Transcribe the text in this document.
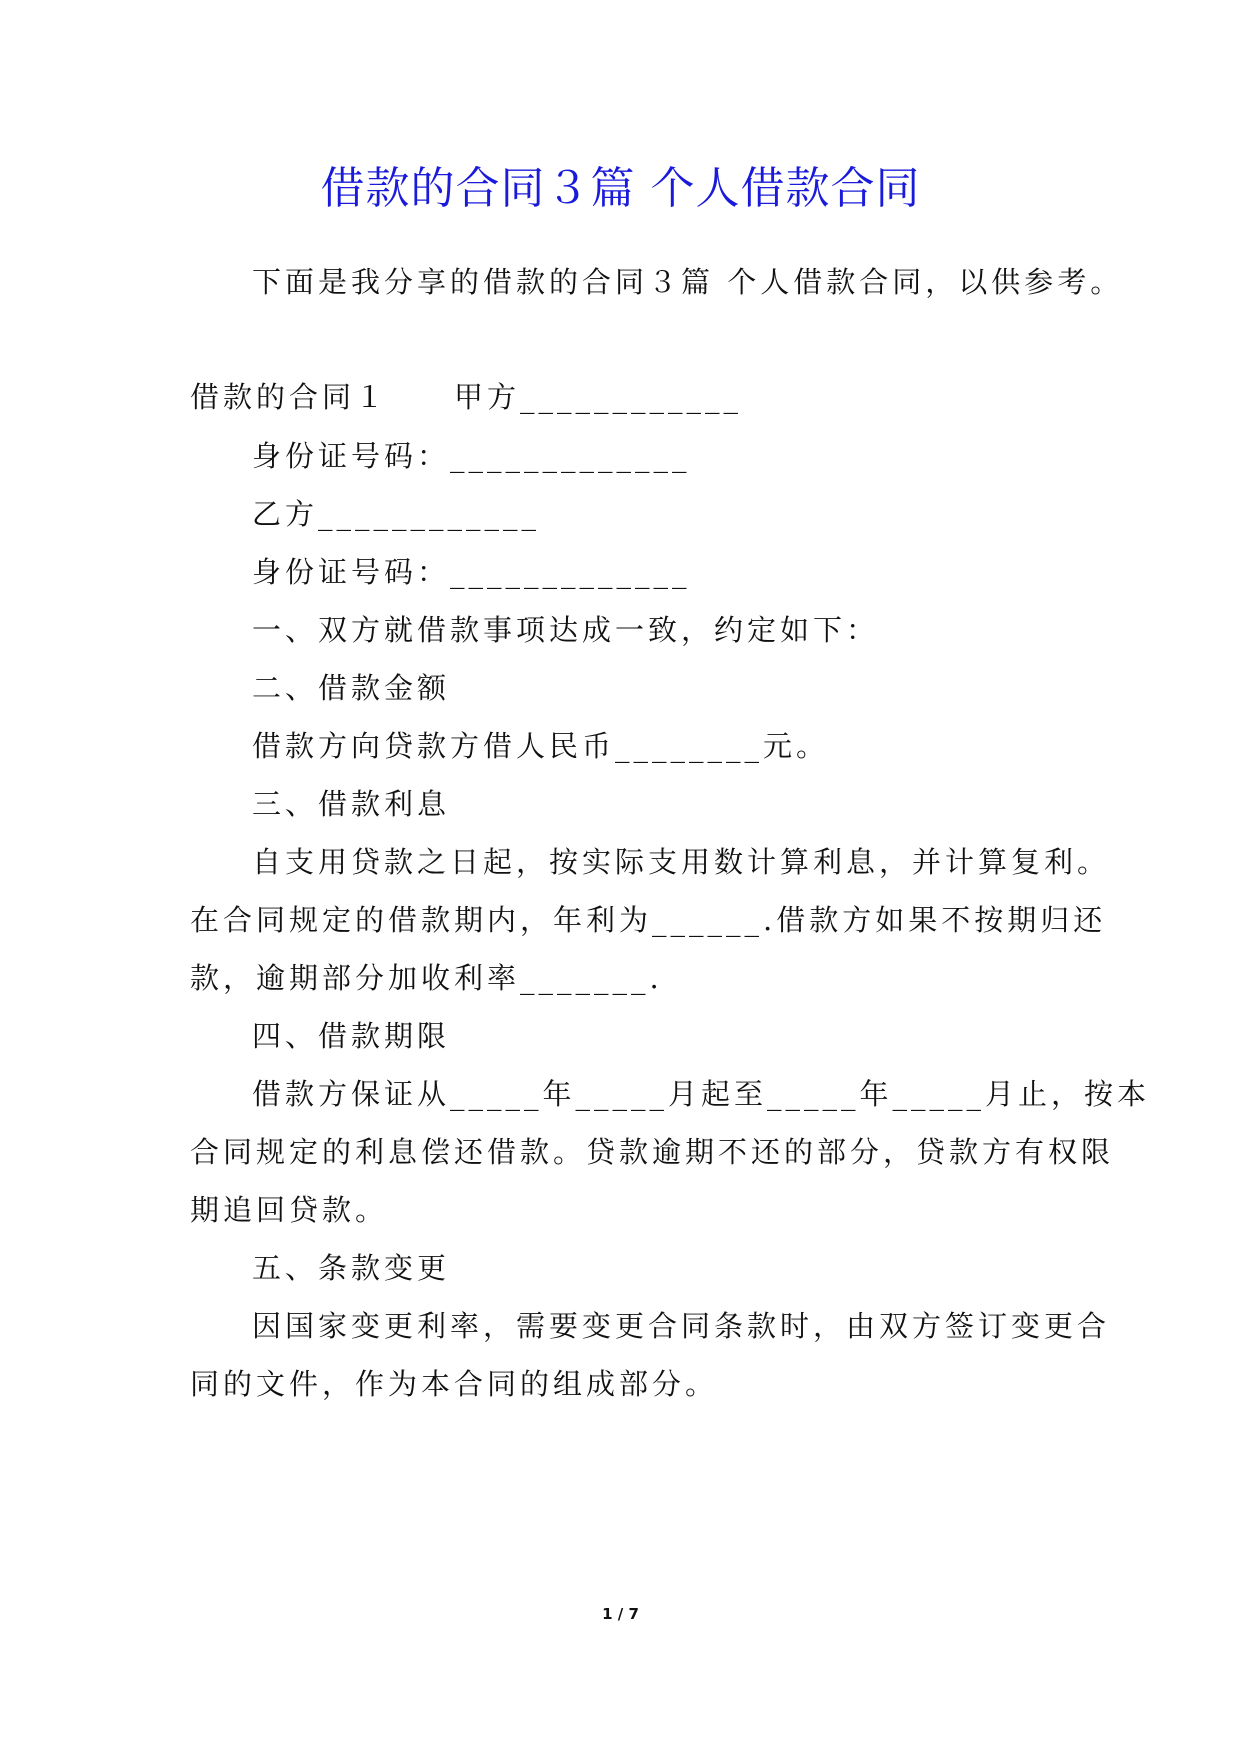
借款的合同３篇 个人借款合同
下面是我分享的借款的合同３篇 个人借款合同，以供参考。
借款的合同１　　甲方____________
身份证号码：_____________
乙方____________
身份证号码：_____________
一、双方就借款事项达成一致，约定如下：
二、借款金额
借款方向贷款方借人民币________元。
三、借款利息
自支用贷款之日起，按实际支用数计算利息，并计算复利。
在合同规定的借款期内，年利为______.借款方如果不按期归还
款，逾期部分加收利率_______.
四、借款期限
借款方保证从_____年_____月起至_____年_____月止，按本
合同规定的利息偿还借款。贷款逾期不还的部分，贷款方有权限
期追回贷款。
五、条款变更
因国家变更利率，需要变更合同条款时，由双方签订变更合
同的文件，作为本合同的组成部分。
1 / 7
